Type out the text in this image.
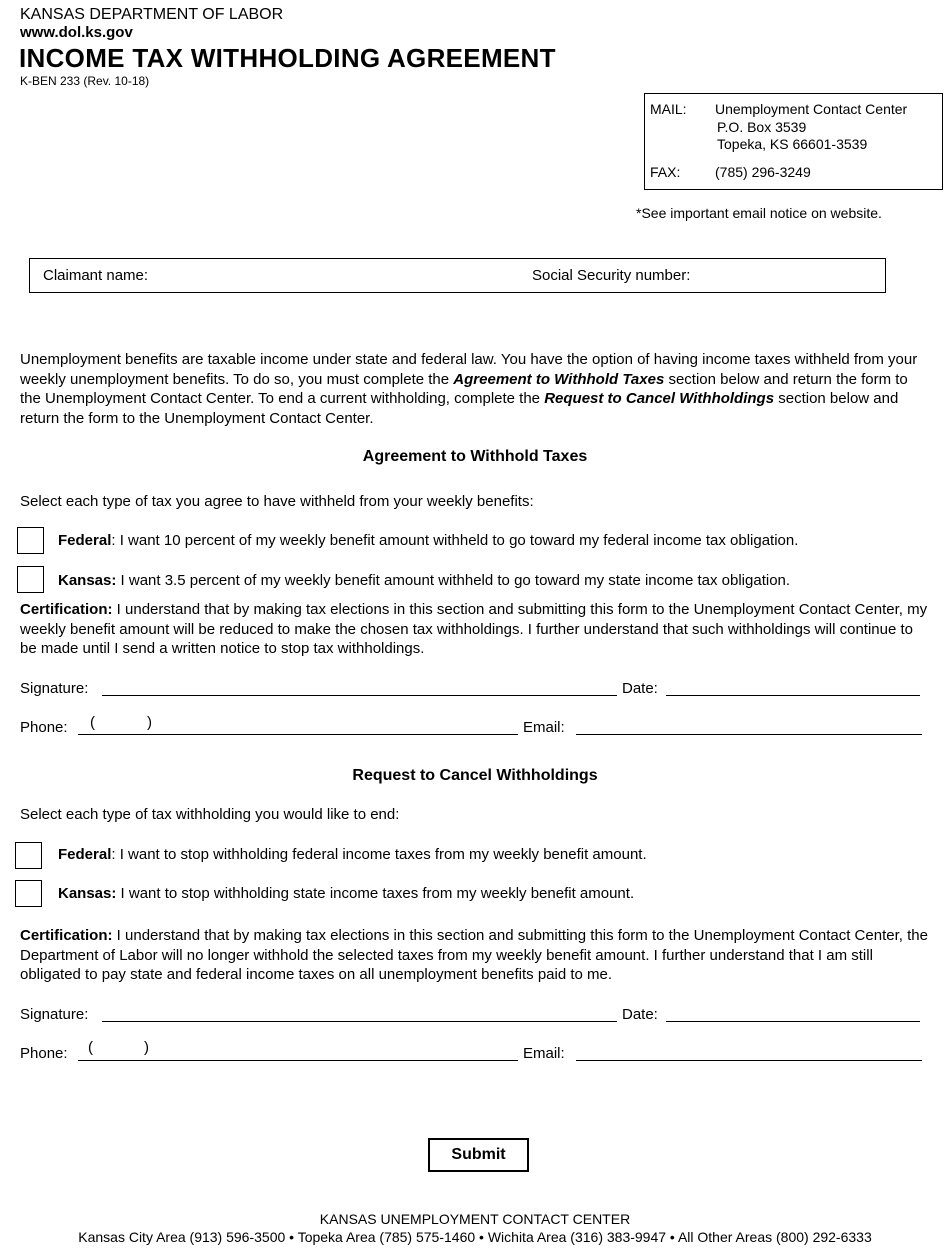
KANSAS DEPARTMENT OF LABOR
www.dol.ks.gov
INCOME TAX WITHHOLDING AGREEMENT
K-BEN 233 (Rev. 10-18)
MAIL: Unemployment Contact Center
P.O. Box 3539
Topeka, KS 66601-3539
FAX: (785) 296-3249
*See important email notice on website.
Claimant name:	Social Security number:
Unemployment benefits are taxable income under state and federal law. You have the option of having income taxes withheld from your weekly unemployment benefits. To do so, you must complete the Agreement to Withhold Taxes section below and return the form to the Unemployment Contact Center. To end a current withholding, complete the Request to Cancel Withholdings section below and return the form to the Unemployment Contact Center.
Agreement to Withhold Taxes
Select each type of tax you agree to have withheld from your weekly benefits:
Federal: I want 10 percent of my weekly benefit amount withheld to go toward my federal income tax obligation.
Kansas: I want 3.5 percent of my weekly benefit amount withheld to go toward my state income tax obligation.
Certification: I understand that by making tax elections in this section and submitting this form to the Unemployment Contact Center, my weekly benefit amount will be reduced to make the chosen tax withholdings. I further understand that such withholdings will continue to be made until I send a written notice to stop tax withholdings.
Signature:	Date:
Phone: (	)	Email:
Request to Cancel Withholdings
Select each type of tax withholding you would like to end:
Federal: I want to stop withholding federal income taxes from my weekly benefit amount.
Kansas: I want to stop withholding state income taxes from my weekly benefit amount.
Certification: I understand that by making tax elections in this section and submitting this form to the Unemployment Contact Center, the Department of Labor will no longer withhold the selected taxes from my weekly benefit amount. I further understand that I am still obligated to pay state and federal income taxes on all unemployment benefits paid to me.
Signature:	Date:
Phone: (	)	Email:
Submit
KANSAS UNEMPLOYMENT CONTACT CENTER
Kansas City Area (913) 596-3500 • Topeka Area (785) 575-1460 • Wichita Area (316) 383-9947 • All Other Areas (800) 292-6333
